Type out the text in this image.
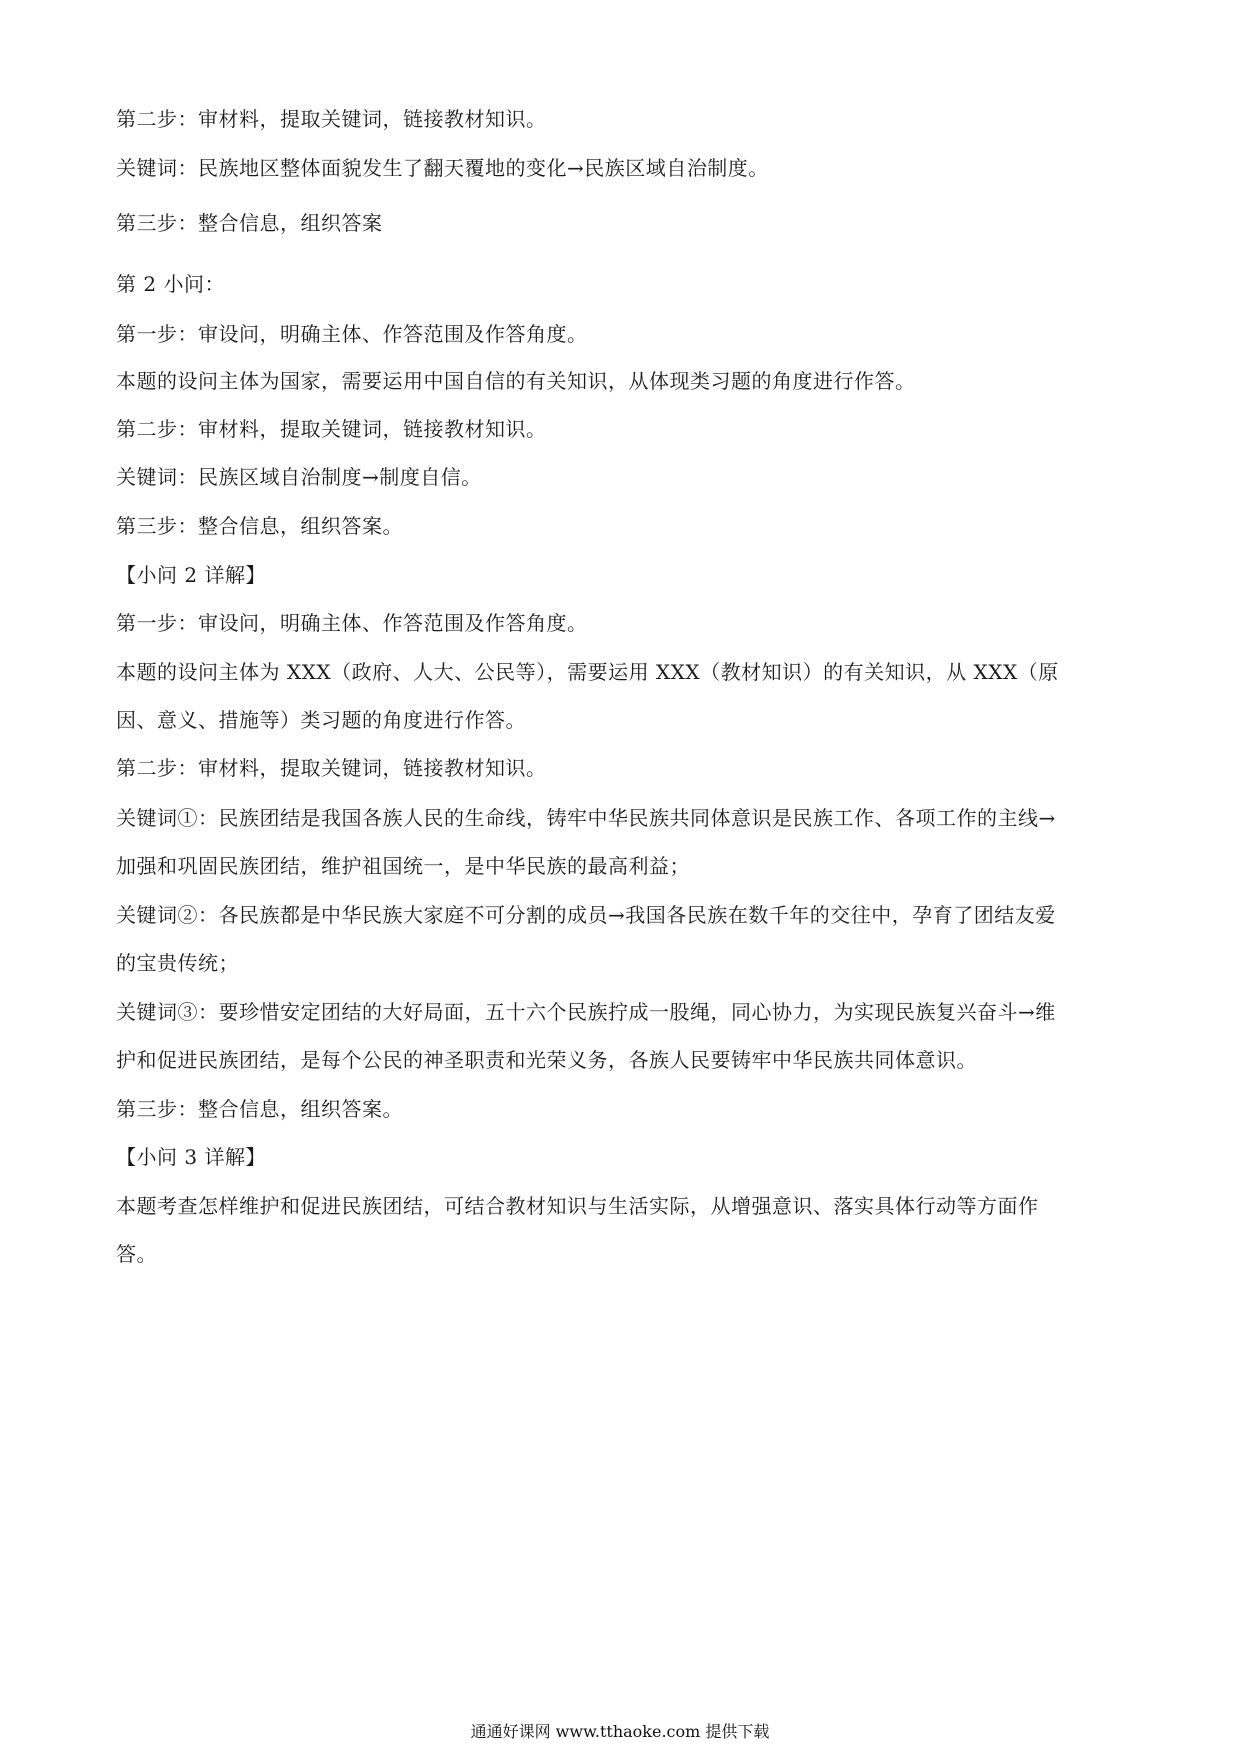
第二步：审材料，提取关键词，链接教材知识。
关键词：民族地区整体面貌发生了翻天覆地的变化→民族区域自治制度。
第三步：整合信息，组织答案
第 2 小问：
第一步：审设问，明确主体、作答范围及作答角度。
本题的设问主体为国家，需要运用中国自信的有关知识，从体现类习题的角度进行作答。
第二步：审材料，提取关键词，链接教材知识。
关键词：民族区域自治制度→制度自信。
第三步：整合信息，组织答案。
【小问 2 详解】
第一步：审设问，明确主体、作答范围及作答角度。
本题的设问主体为 XXX（政府、人大、公民等），需要运用 XXX（教材知识）的有关知识，从 XXX（原
因、意义、措施等）类习题的角度进行作答。
第二步：审材料，提取关键词，链接教材知识。
关键词①：民族团结是我国各族人民的生命线，铸牢中华民族共同体意识是民族工作、各项工作的主线→
加强和巩固民族团结，维护祖国统一，是中华民族的最高利益；
关键词②：各民族都是中华民族大家庭不可分割的成员→我国各民族在数千年的交往中，孕育了团结友爱
的宝贵传统；
关键词③：要珍惜安定团结的大好局面，五十六个民族拧成一股绳，同心协力，为实现民族复兴奋斗→维
护和促进民族团结，是每个公民的神圣职责和光荣义务，各族人民要铸牢中华民族共同体意识。
第三步：整合信息，组织答案。
【小问 3 详解】
本题考查怎样维护和促进民族团结，可结合教材知识与生活实际，从增强意识、落实具体行动等方面作
答。
通通好课网 www.tthaoke.com 提供下载
